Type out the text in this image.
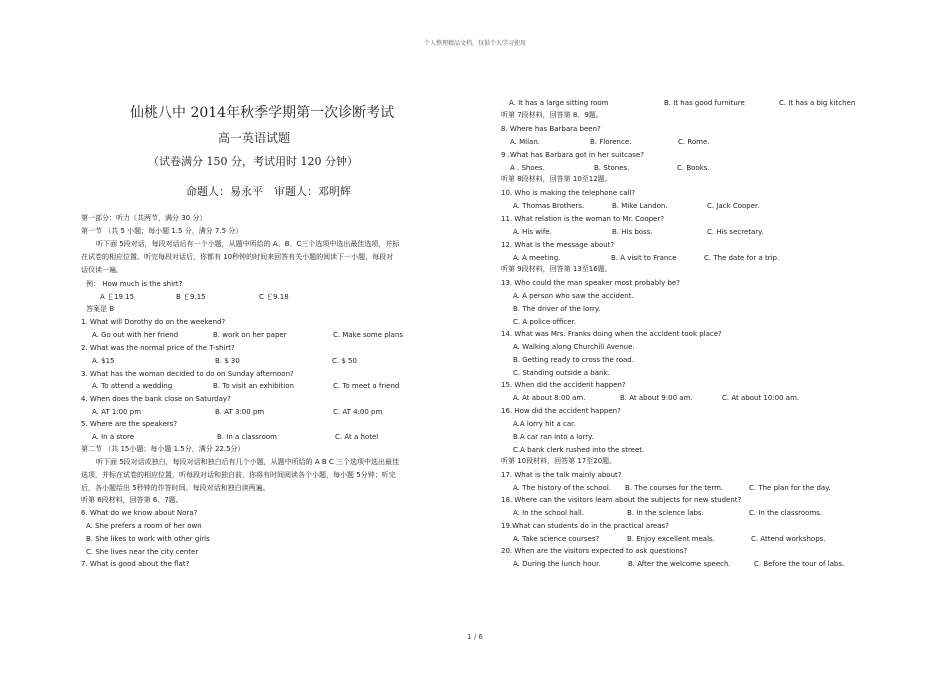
个人整理精品文档，仅供个人学习使用
仙桃八中 2014年秋季学期第一次诊断考试
高一英语试题
（试卷满分 150 分，考试用时 120 分钟）
命题人：易永平　审题人：邓明辉
第一部分：听力（共两节，满分 30 分）
第一节 （共 5 小题；每小题 1.5 分，满分 7.5 分）
听下面 5段对话，每段对话后有一个小题，从题中所给的 A、B、C三个选项中选出最佳选项，并标
在试卷的相应位置。听完每段对话后，你都有 10秒钟的时间来回答有关小题的阅读下一小题，每段对
话仅读一遍。
例： How much is the shirt?
A ￡19.15	B ￡9.15	C ￡9.18
答案是 B
1. What will Dorothy do on the weekend?
A. Go out with her friend	B. work on her paper	C. Make some plans
2. What was the normal price of the T-shirt?
A. $15	B. $ 30	C. $ 50
3. What has the woman decided to do on Sunday afternoon?
A. To attend a wedding	B. To visit an exhibition	C. To meet a friend
4. When does the bank close on Saturday?
A. AT 1:00 pm	B. AT 3:00 pm	C. AT 4:00 pm
5. Where are the speakers?
A. In a store	B. In a classroom	C. At a hotel
第二节 （共 15小题；每小题 1.5分，满分 22.5分）
听下面 5段对话或独白，每段对话和独白后有几个小题，从题中所给的 A B C 三个选项中选出最佳
选项，并标在试卷的相应位置，听每段对话和独白前，你将有时间阅读各个小题，每小题 5分钟；听完
后，各小题给出 5秒钟的作答时间。每段对话和独白读两遍。
听第 6段材料，回答第 6、7题。
6. What do we know about Nora?
A. She prefers a room of her own
B. She likes to work with other girls
C. She lives near the city center
7. What is good about the flat?
A. It has a large sitting room	B. It has good furniture	C. It has a big kitchen
听第 7段材料，回答第 8、9题。
8. Where has Barbara been?
A. Milan.	B. Florence.	C. Rome.
9 .What has Barbara got in her suitcase?
A . Shoes.	B. Stones.	C. Books.
听第 8段材料，回答第 10至12题。
10. Who is making the telephone call?
A. Thomas Brothers.	B. Mike Landon.	C. Jack Cooper.
11. What relation is the woman to Mr. Cooper?
A. His wife.	B. His boss.	C. His secretary.
12. What is the message about?
A. A meeting.	B. A visit to France	C. The date for a trip.
听第 9段材料，回答第 13至16题。
13. Who could the man speaker most probably be?
A. A person who saw the accident.
B. The driver of the lorry.
C. A police officer.
14. What was Mrs. Franks doing when the accident took place?
A. Walking along Churchill Avenue.
B. Getting ready to cross the road.
C. Standing outside a bank.
15. When did the accident happen?
A. At about 8:00 am.	B. At about 9:00 am.	C. At about 10:00 am.
16. How did the accident happen?
A.A lorry hit a car.
B.A car ran into a lorry.
C.A bank clerk rushed into the street.
听第 10段材料，回答第 17至20题。
17. What is the talk mainly about?
A. The history of the school. B. The courses for the term.	C. The plan for the day.
18. Where can the visitors leam about the subjects for new student?
A. In the school hall.	B. In the science labs.	C. In the classrooms.
19.What can students do in the practical areas?
A. Take science courses?	B. Enjoy excellent meals.	C. Attend workshops.
20. When are the visitors expected to ask questions?
A. During the lunch hour.	B. After the welcome speech.	C. Before the tour of labs.
1 / 6
